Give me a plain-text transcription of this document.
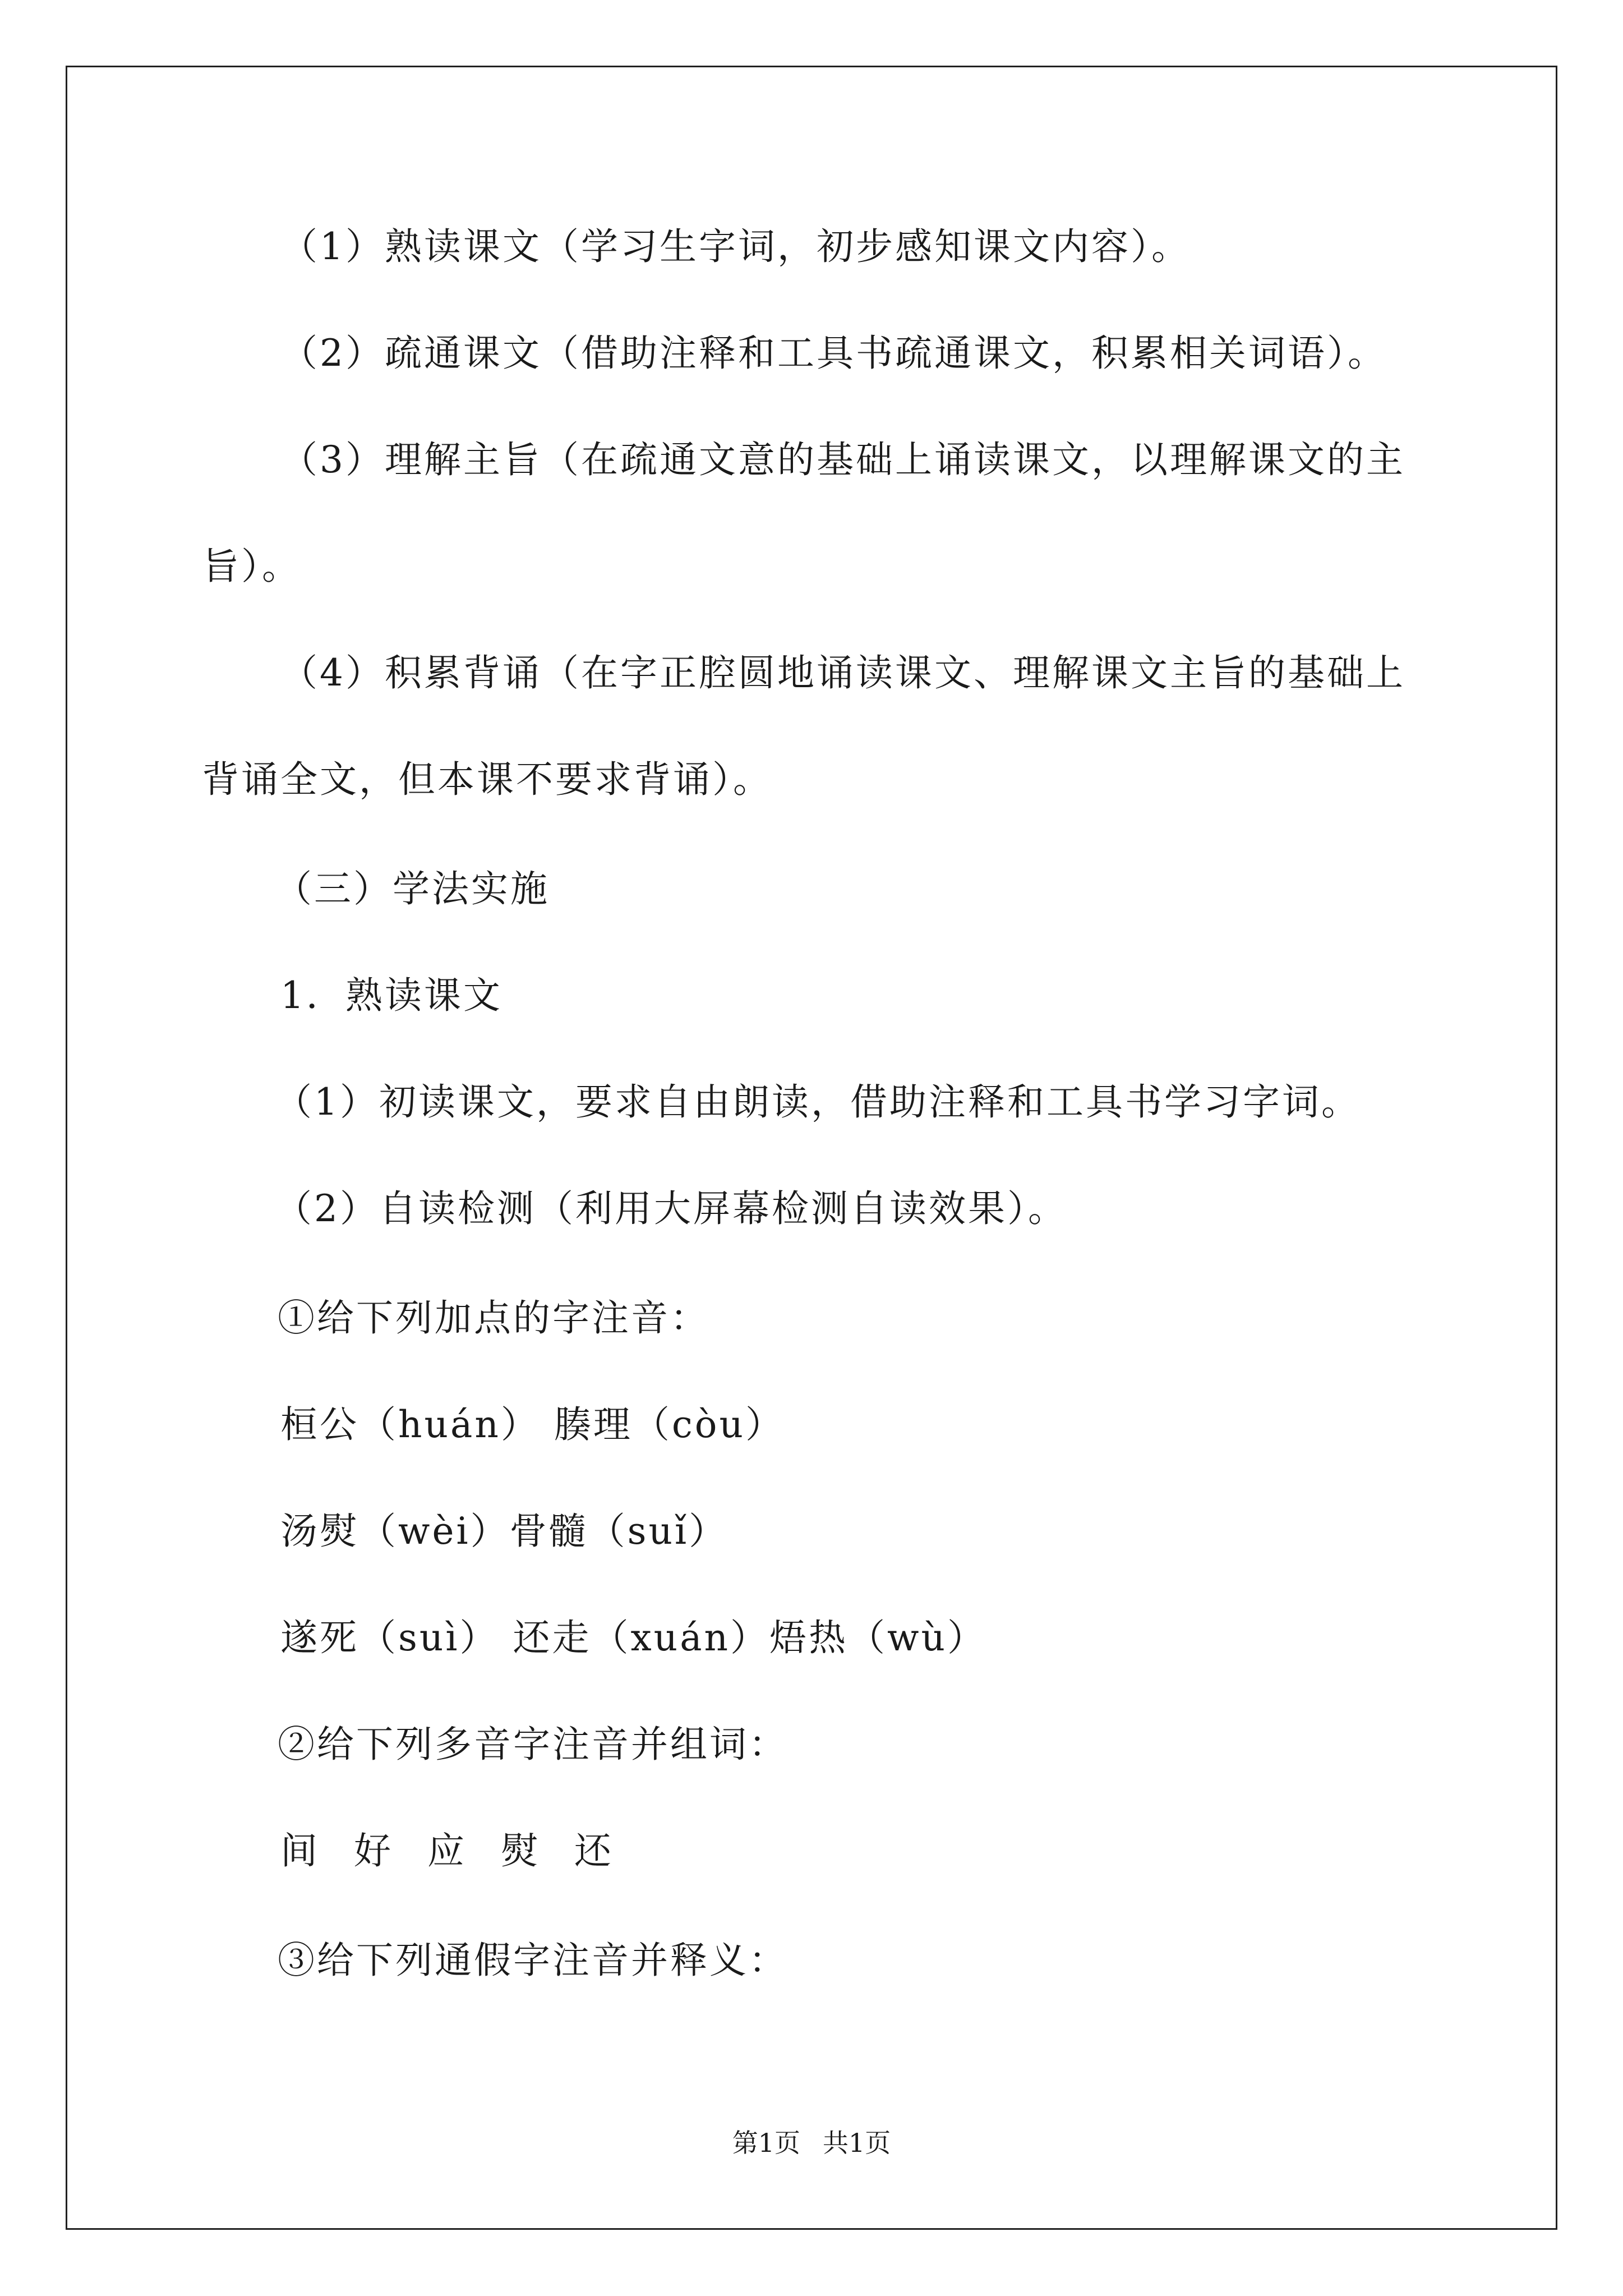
（1）熟读课文（学习生字词，初步感知课文内容）。
（2）疏通课文（借助注释和工具书疏通课文，积累相关词语）。
（3）理解主旨（在疏通文意的基础上诵读课文，以理解课文的主
旨）。
（4）积累背诵（在字正腔圆地诵读课文、理解课文主旨的基础上
背诵全文，但本课不要求背诵）。
（三）学法实施
1．熟读课文
（1）初读课文，要求自由朗读，借助注释和工具书学习字词。
（2）自读检测（利用大屏幕检测自读效果）。
①给下列加点的字注音：
桓公（huán） 腠理（còu）
汤熨（wèi）骨髓（suǐ）
遂死（suì） 还走（xuán）焐热（wù）
②给下列多音字注音并组词：
间 好 应 熨 还
③给下列通假字注音并释义：
第1页 共1页
